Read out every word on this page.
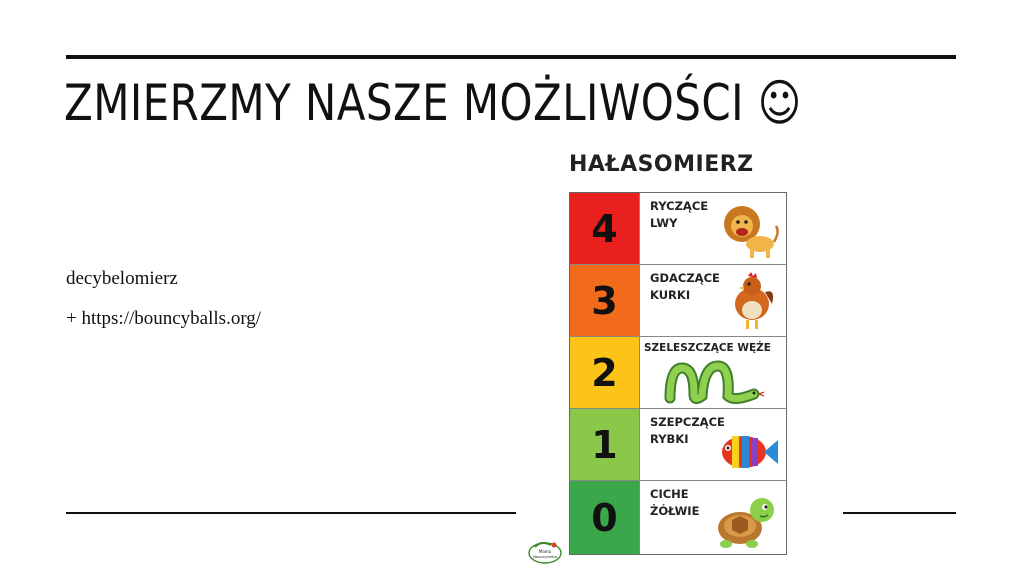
ZMIERZMY NASZE MOŻLIWOŚCI ☺
decybelomierz
+ https://bouncyballs.org/
HAŁASOMIERZ
4
RYCZĄCE
LWY
3
GDACZĄCE
KURKI
2
SZELESZCZĄCE WĘŻE
1
SZEPCZĄCE
RYBKI
0
CICHE
ŻÓŁWIE
Mama
Nauczycielka
